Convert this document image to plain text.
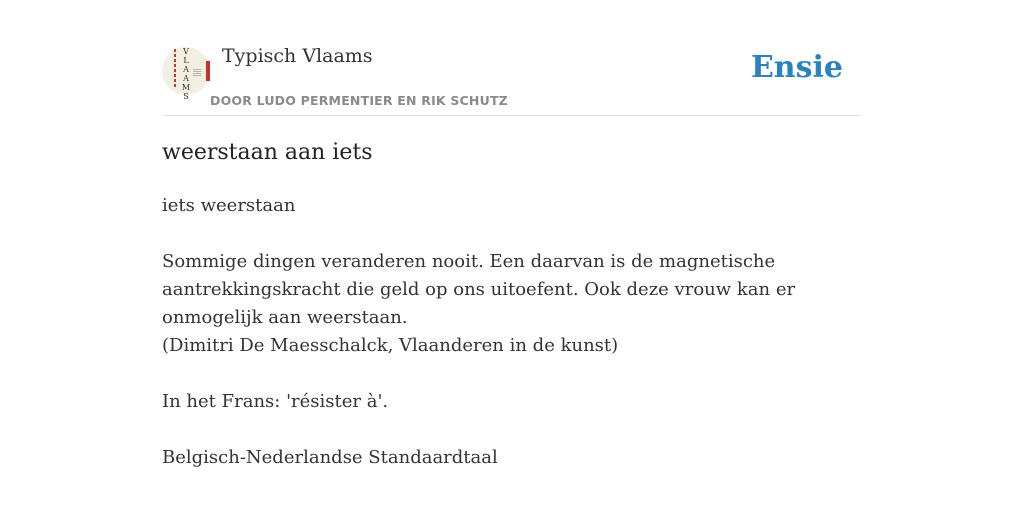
V
L
A
A
M
S
Typisch Vlaams
DOOR LUDO PERMENTIER EN RIK SCHUTZ
Ensie
weerstaan aan iets

iets weerstaan

Sommige dingen veranderen nooit. Een daarvan is de magnetische aantrekkingskracht die geld op ons uitoefent. Ook deze vrouw kan er onmogelijk aan weerstaan.

(Dimitri De Maesschalck, Vlaanderen in de kunst)

In het Frans: 'résister à'.

Belgisch-Nederlandse Standaardtaal
